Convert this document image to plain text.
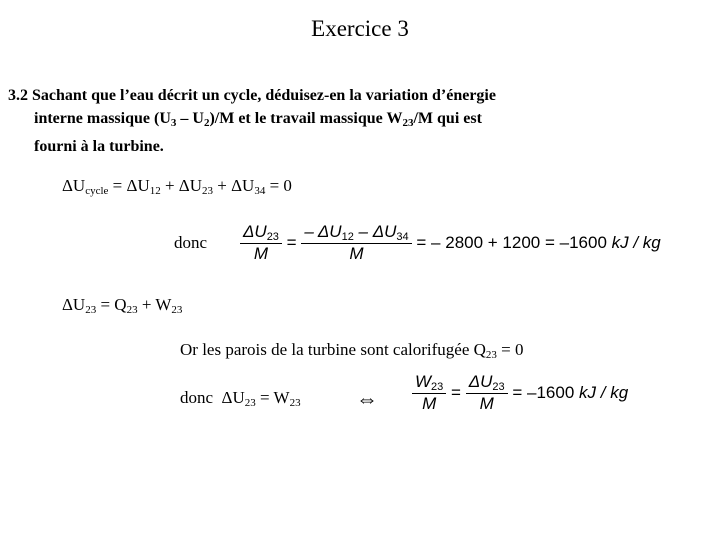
Exercice 3
3.2 Sachant que l’eau décrit un cycle, déduisez-en la variation d’énergie
interne massique $(U_3 - U_2)/M$ et le travail massique $W_{23}/M$ qui est
fourni à la turbine.
$\Delta U_{cycle} = \Delta U_{12} + \Delta U_{23} + \Delta U_{34} = 0$
donc $\frac{\Delta U_{23}}{M} = \frac{- \Delta U_{12} - \Delta U_{34}}{M}$ = – 2800 + 1200 = –1600 kJ / kg
$\Delta U_{23} = Q_{23} + W_{23}$
Or les parois de la turbine sont calorifugée $Q_{23} = 0$
donc $\Delta U_{23} = W_{23}$	⇔ $\frac{W_{23}}{M} = \frac{\Delta U_{23}}{M} = -1600$ kJ / kg
